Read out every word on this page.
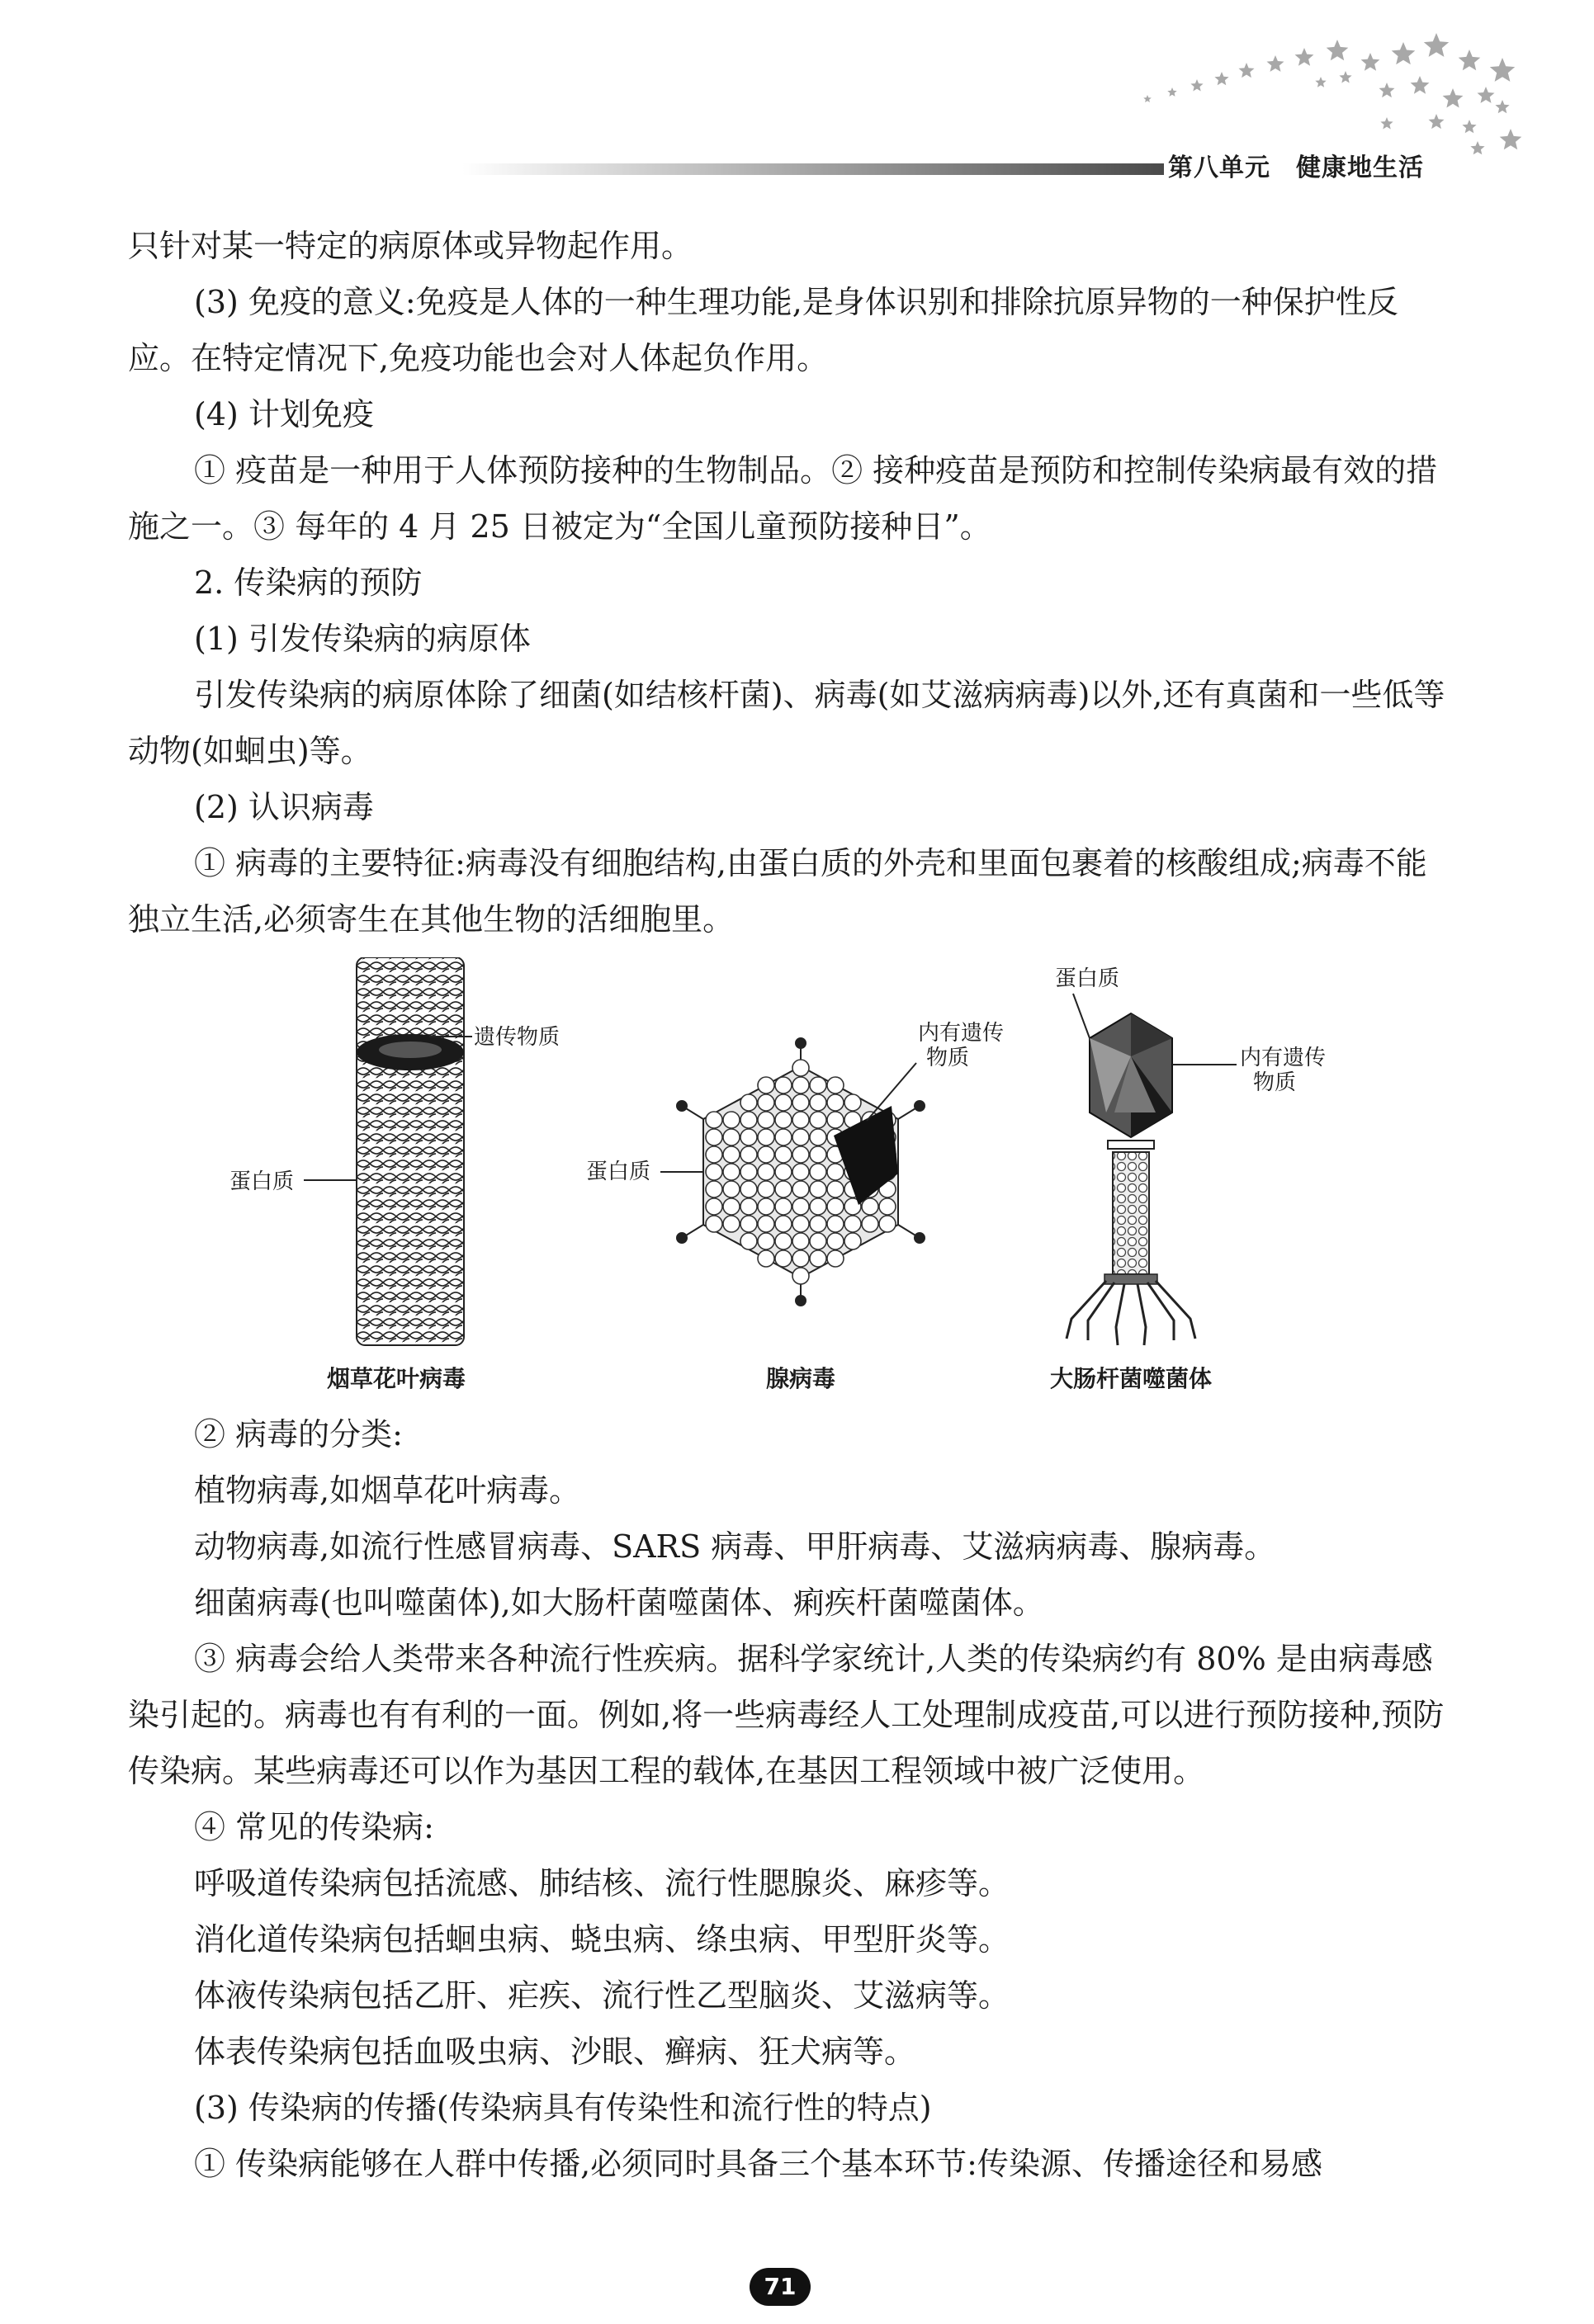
第八单元　健康地生活

只针对某一特定的病原体或异物起作用。

(3) 免疫的意义:免疫是人体的一种生理功能,是身体识别和排除抗原异物的一种保护性反应。在特定情况下,免疫功能也会对人体起负作用。

(4) 计划免疫

① 疫苗是一种用于人体预防接种的生物制品。② 接种疫苗是预防和控制传染病最有效的措施之一。③ 每年的 4 月 25 日被定为“全国儿童预防接种日”。

2. 传染病的预防

(1) 引发传染病的病原体

引发传染病的病原体除了细菌(如结核杆菌)、病毒(如艾滋病病毒)以外,还有真菌和一些低等动物(如蛔虫)等。

(2) 认识病毒

① 病毒的主要特征:病毒没有细胞结构,由蛋白质的外壳和里面包裹着的核酸组成;病毒不能独立生活,必须寄生在其他生物的活细胞里。

遗传物质
蛋白质
烟草花叶病毒
内有遗传
物质
蛋白质
腺病毒
蛋白质
内有遗传
物质
大肠杆菌噬菌体

② 病毒的分类:

植物病毒,如烟草花叶病毒。

动物病毒,如流行性感冒病毒、SARS 病毒、甲肝病毒、艾滋病病毒、腺病毒。

细菌病毒(也叫噬菌体),如大肠杆菌噬菌体、痢疾杆菌噬菌体。

③ 病毒会给人类带来各种流行性疾病。据科学家统计,人类的传染病约有 80% 是由病毒感染引起的。病毒也有有利的一面。例如,将一些病毒经人工处理制成疫苗,可以进行预防接种,预防传染病。某些病毒还可以作为基因工程的载体,在基因工程领域中被广泛使用。

④ 常见的传染病:

呼吸道传染病包括流感、肺结核、流行性腮腺炎、麻疹等。

消化道传染病包括蛔虫病、蛲虫病、绦虫病、甲型肝炎等。

体液传染病包括乙肝、疟疾、流行性乙型脑炎、艾滋病等。

体表传染病包括血吸虫病、沙眼、癣病、狂犬病等。

(3) 传染病的传播(传染病具有传染性和流行性的特点)

① 传染病能够在人群中传播,必须同时具备三个基本环节:传染源、传播途径和易感

71
